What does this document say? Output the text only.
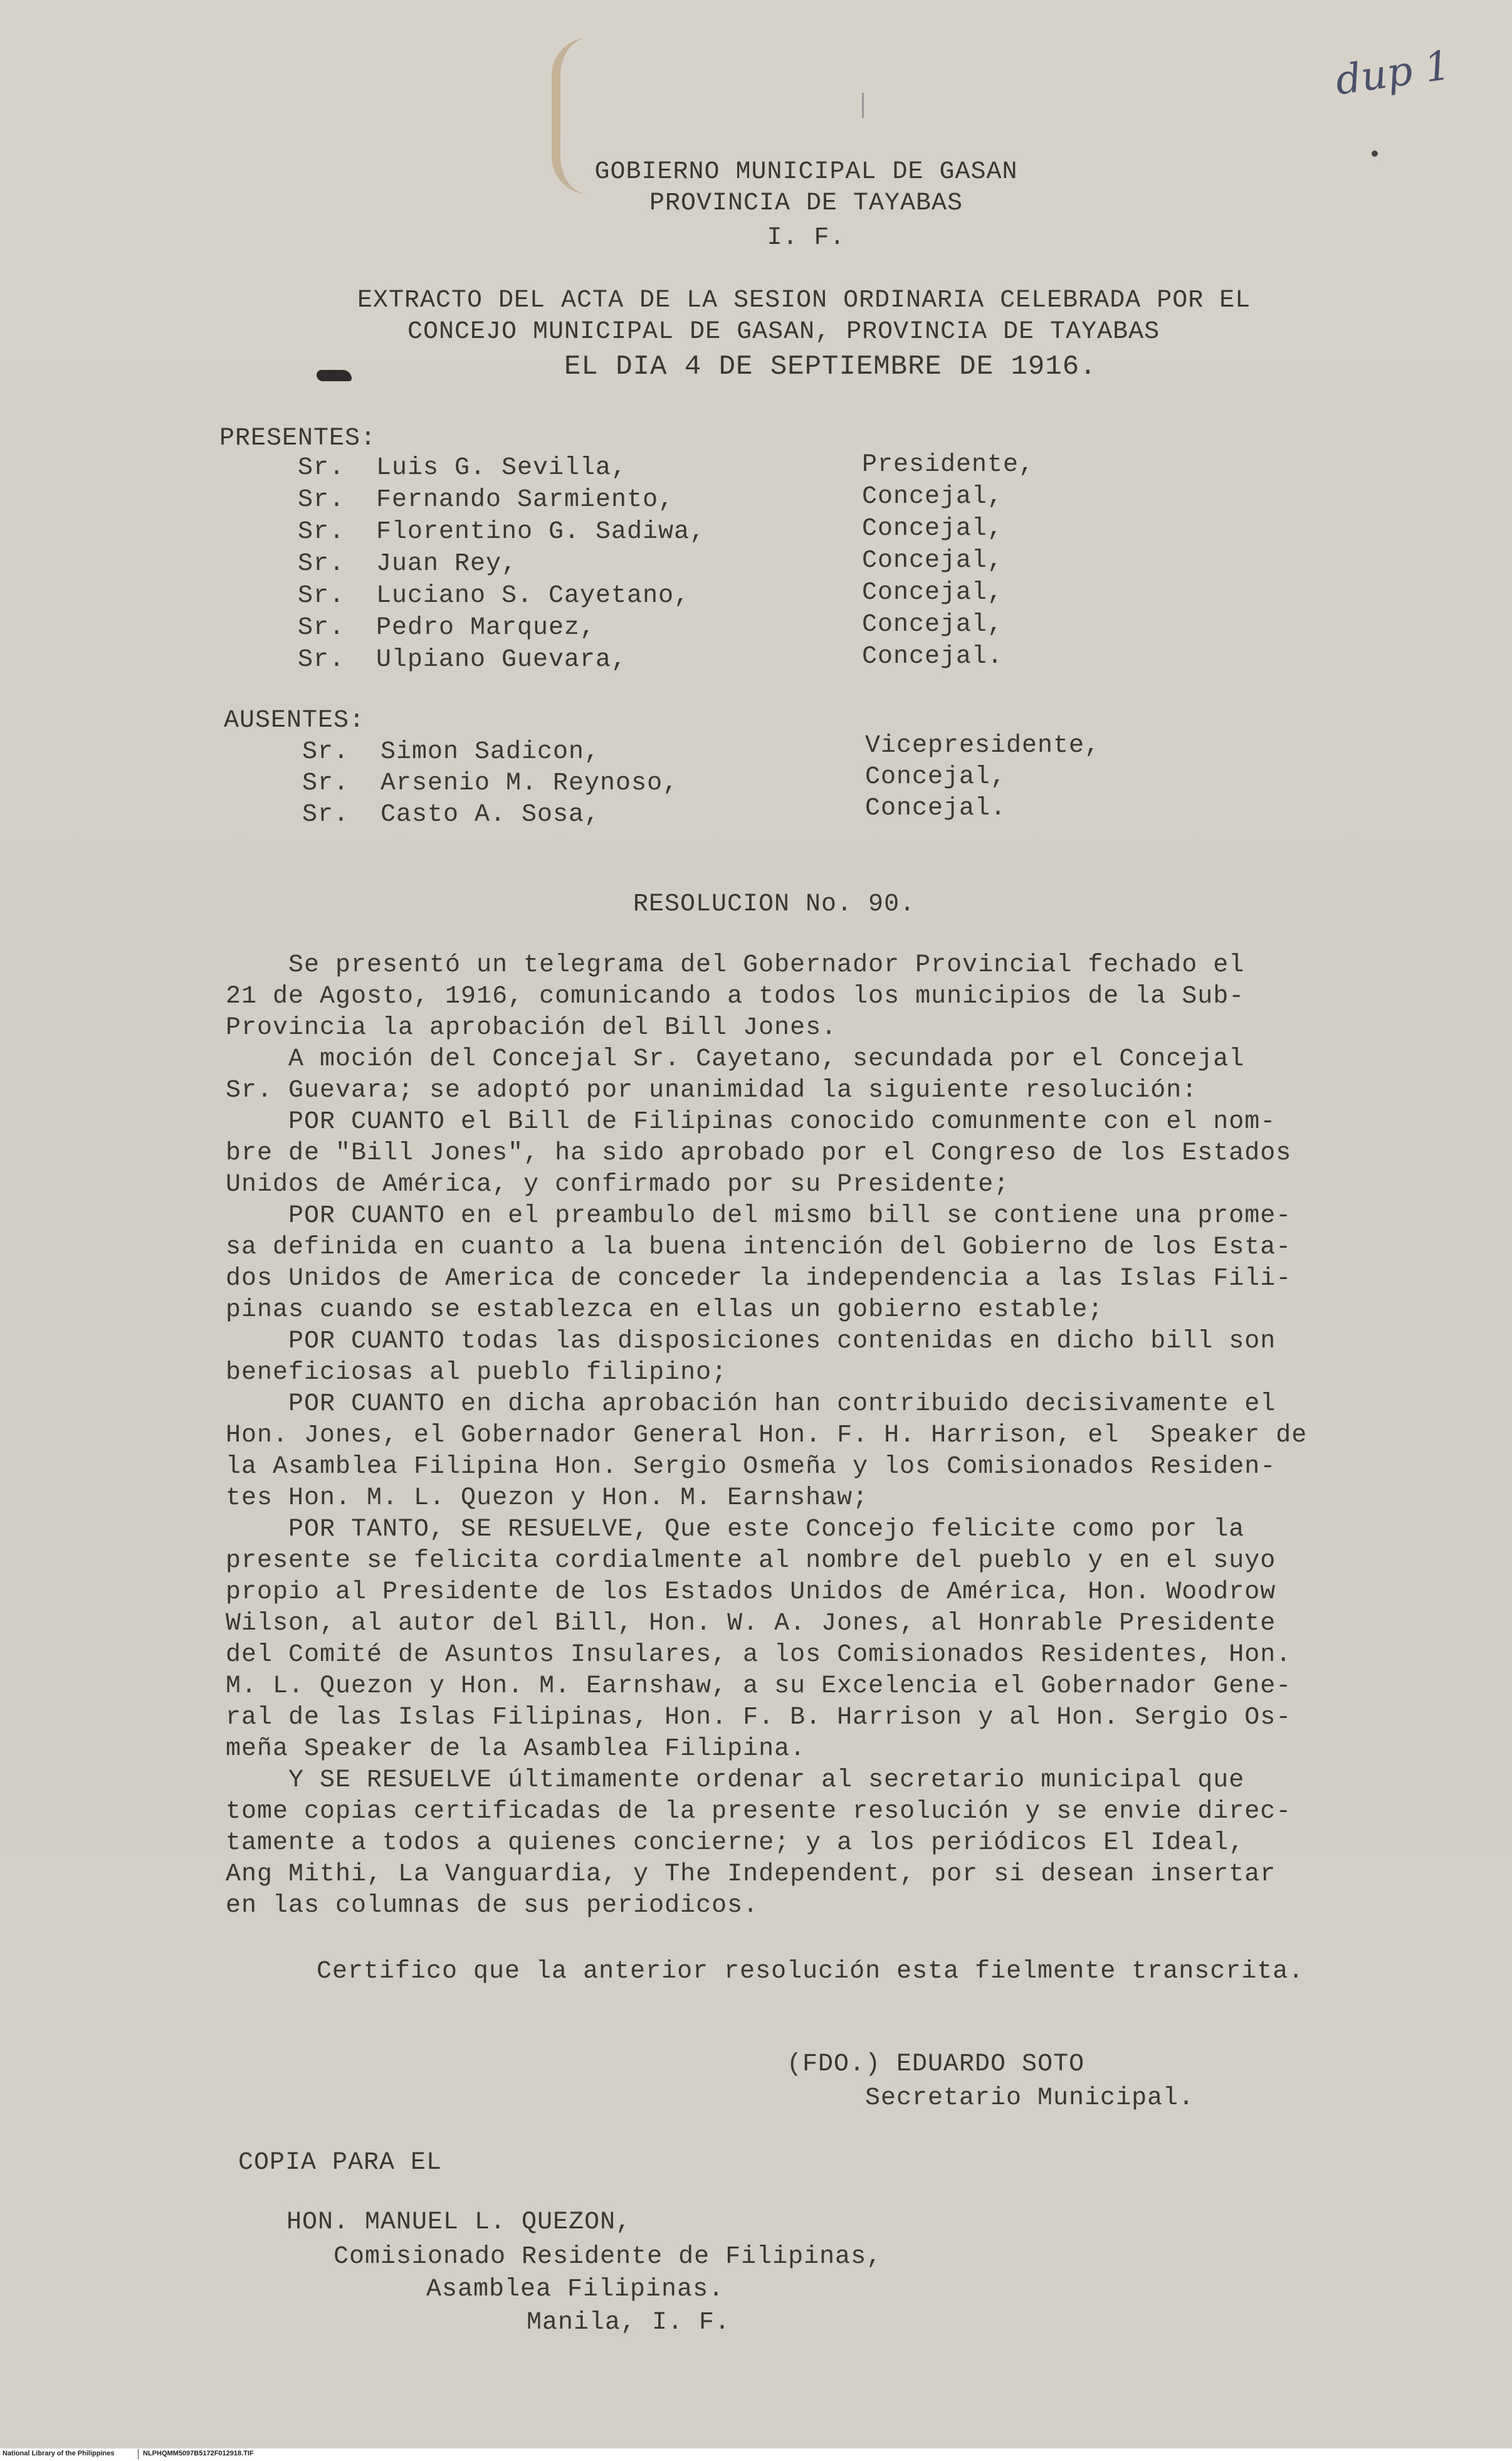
dup 1
GOBIERNO MUNICIPAL DE GASAN
PROVINCIA DE TAYABAS
I. F.
EXTRACTO DEL ACTA DE LA SESION ORDINARIA CELEBRADA POR EL
CONCEJO MUNICIPAL DE GASAN, PROVINCIA DE TAYABAS
EL DIA 4 DE SEPTIEMBRE DE 1916.
PRESENTES:
Sr. Luis G. Sevilla,	Presidente,
Sr. Fernando Sarmiento,	Concejal,
Sr. Florentino G. Sadiwa,	Concejal,
Sr. Juan Rey,	Concejal,
Sr. Luciano S. Cayetano,	Concejal,
Sr. Pedro Marquez,	Concejal,
Sr. Ulpiano Guevara,	Concejal.
AUSENTES:
Sr. Simon Sadicon,	Vicepresidente,
Sr. Arsenio M. Reynoso,	Concejal,
Sr. Casto A. Sosa,	Concejal.
RESOLUCION No. 90.
Se presentó un telegrama del Gobernador Provincial fechado el
21 de Agosto, 1916, comunicando a todos los municipios de la Sub-
Provincia la aprobación del Bill Jones.
A moción del Concejal Sr. Cayetano, secundada por el Concejal
Sr. Guevara; se adoptó por unanimidad la siguiente resolución:
POR CUANTO el Bill de Filipinas conocido comunmente con el nom-
bre de "Bill Jones", ha sido aprobado por el Congreso de los Estados
Unidos de América, y confirmado por su Presidente;
POR CUANTO en el preambulo del mismo bill se contiene una prome-
sa definida en cuanto a la buena intención del Gobierno de los Esta-
dos Unidos de America de conceder la independencia a las Islas Fili-
pinas cuando se establezca en ellas un gobierno estable;
POR CUANTO todas las disposiciones contenidas en dicho bill son
beneficiosas al pueblo filipino;
POR CUANTO en dicha aprobación han contribuido decisivamente el
Hon. Jones, el Gobernador General Hon. F. H. Harrison, el  Speaker de
la Asamblea Filipina Hon. Sergio Osmeña y los Comisionados Residen-
tes Hon. M. L. Quezon y Hon. M. Earnshaw;
POR TANTO, SE RESUELVE, Que este Concejo felicite como por la
presente se felicita cordialmente al nombre del pueblo y en el suyo
propio al Presidente de los Estados Unidos de América, Hon. Woodrow
Wilson, al autor del Bill, Hon. W. A. Jones, al Honrable Presidente
del Comité de Asuntos Insulares, a los Comisionados Residentes, Hon.
M. L. Quezon y Hon. M. Earnshaw, a su Excelencia el Gobernador Gene-
ral de las Islas Filipinas, Hon. F. B. Harrison y al Hon. Sergio Os-
meña Speaker de la Asamblea Filipina.
Y SE RESUELVE últimamente ordenar al secretario municipal que
tome copias certificadas de la presente resolución y se envie direc-
tamente a todos a quienes concierne; y a los periódicos El Ideal,
Ang Mithi, La Vanguardia, y The Independent, por si desean insertar
en las columnas de sus periodicos.
Certifico que la anterior resolución esta fielmente transcrita.
(FDO.) EDUARDO SOTO
Secretario Municipal.
COPIA PARA EL
HON. MANUEL L. QUEZON,
Comisionado Residente de Filipinas,
Asamblea Filipinas.
Manila, I. F.
National Library of the Philippines	NLPHQMM5097B5172F012918.TIF
